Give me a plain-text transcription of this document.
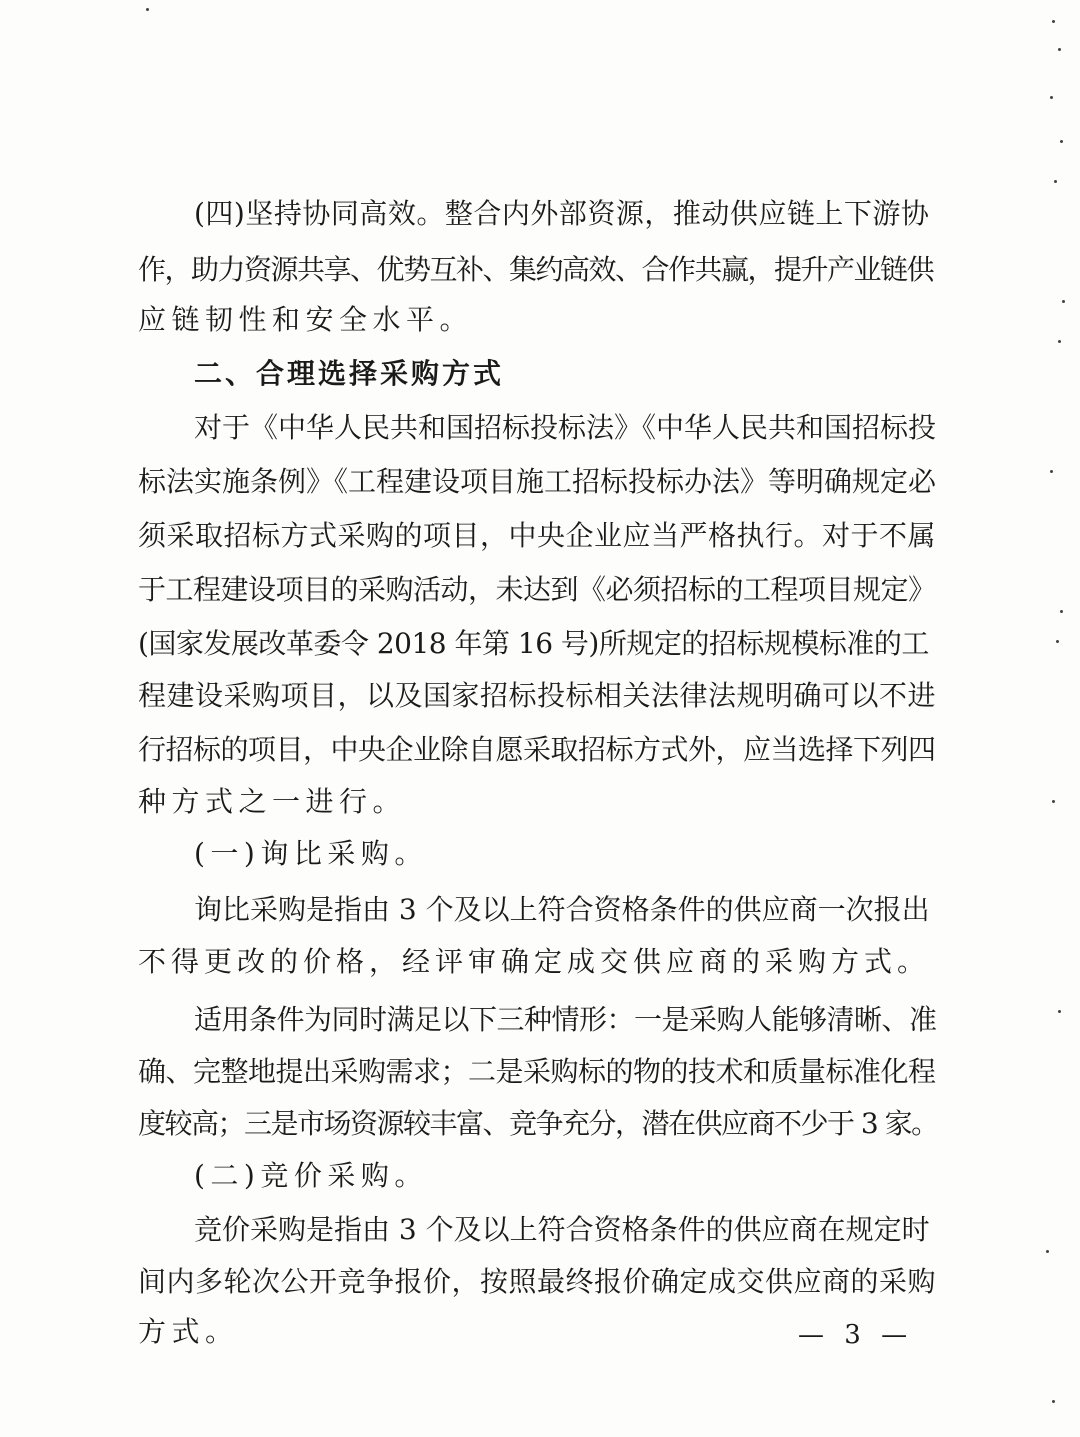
(四)坚持协同高效。整合内外部资源，推动供应链上下游协
作，助力资源共享、优势互补、集约高效、合作共赢，提升产业链供
应链韧性和安全水平。
二、合理选择采购方式
对于《中华人民共和国招标投标法》《中华人民共和国招标投
标法实施条例》《工程建设项目施工招标投标办法》等明确规定必
须采取招标方式采购的项目，中央企业应当严格执行。对于不属
于工程建设项目的采购活动，未达到《必须招标的工程项目规定》
(国家发展改革委令 2018 年第 16 号)所规定的招标规模标准的工
程建设采购项目，以及国家招标投标相关法律法规明确可以不进
行招标的项目，中央企业除自愿采取招标方式外，应当选择下列四
种方式之一进行。
(一)询比采购。
询比采购是指由 3 个及以上符合资格条件的供应商一次报出
不得更改的价格，经评审确定成交供应商的采购方式。
适用条件为同时满足以下三种情形：一是采购人能够清晰、准
确、完整地提出采购需求；二是采购标的物的技术和质量标准化程
度较高；三是市场资源较丰富、竞争充分，潜在供应商不少于 3 家。
(二)竞价采购。
竞价采购是指由 3 个及以上符合资格条件的供应商在规定时
间内多轮次公开竞争报价，按照最终报价确定成交供应商的采购
方式。	— 3 —
